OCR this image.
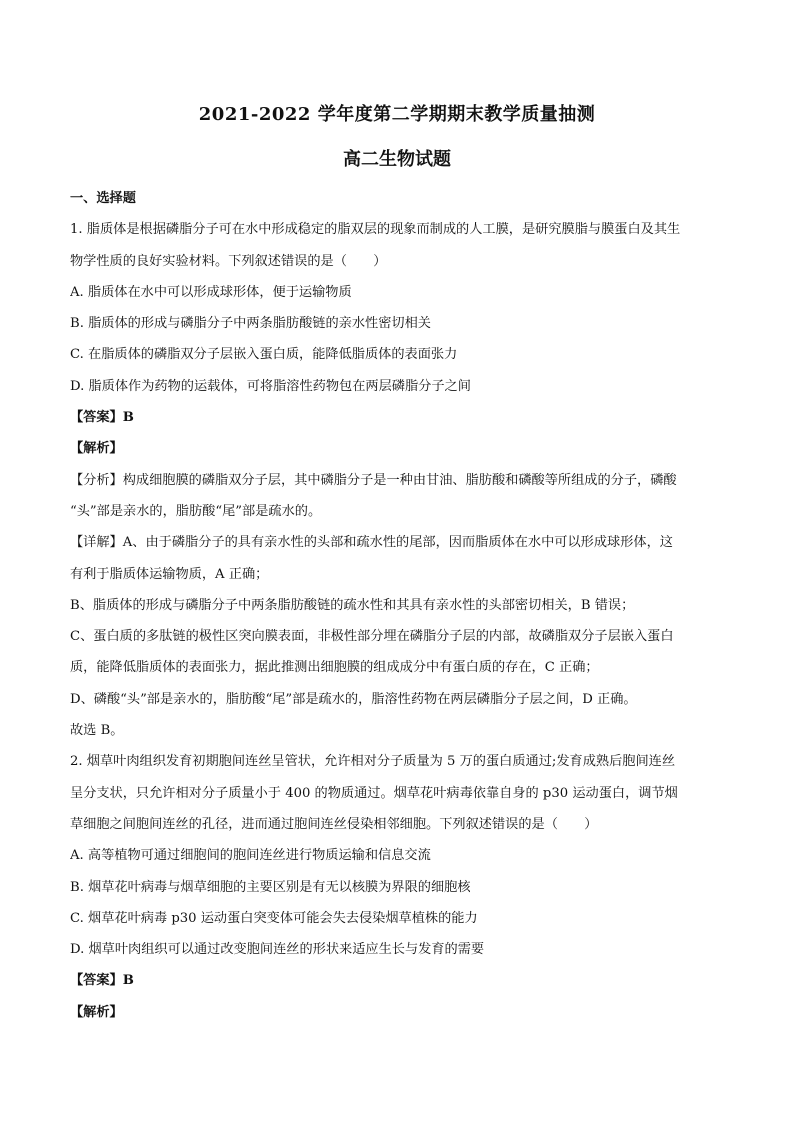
2021-2022 学年度第二学期期末教学质量抽测
高二生物试题
一、选择题
1. 脂质体是根据磷脂分子可在水中形成稳定的脂双层的现象而制成的人工膜，是研究膜脂与膜蛋白及其生
物学性质的良好实验材料。下列叙述错误的是（　　）
A. 脂质体在水中可以形成球形体，便于运输物质
B. 脂质体的形成与磷脂分子中两条脂肪酸链的亲水性密切相关
C. 在脂质体的磷脂双分子层嵌入蛋白质，能降低脂质体的表面张力
D. 脂质体作为药物的运载体，可将脂溶性药物包在两层磷脂分子之间
【答案】B
【解析】
【分析】构成细胞膜的磷脂双分子层，其中磷脂分子是一种由甘油、脂肪酸和磷酸等所组成的分子，磷酸
“头”部是亲水的，脂肪酸“尾”部是疏水的。
【详解】A、由于磷脂分子的具有亲水性的头部和疏水性的尾部，因而脂质体在水中可以形成球形体，这
有利于脂质体运输物质，A 正确；
B、脂质体的形成与磷脂分子中两条脂肪酸链的疏水性和其具有亲水性的头部密切相关，B 错误；
C、蛋白质的多肽链的极性区突向膜表面，非极性部分埋在磷脂分子层的内部，故磷脂双分子层嵌入蛋白
质，能降低脂质体的表面张力，据此推测出细胞膜的组成成分中有蛋白质的存在，C 正确；
D、磷酸“头”部是亲水的，脂肪酸“尾”部是疏水的，脂溶性药物在两层磷脂分子层之间，D 正确。
故选 B。
2. 烟草叶肉组织发育初期胞间连丝呈管状，允许相对分子质量为 5 万的蛋白质通过;发育成熟后胞间连丝
呈分支状，只允许相对分子质量小于 400 的物质通过。烟草花叶病毒依靠自身的 p30 运动蛋白，调节烟
草细胞之间胞间连丝的孔径，进而通过胞间连丝侵染相邻细胞。下列叙述错误的是（　　）
A. 高等植物可通过细胞间的胞间连丝进行物质运输和信息交流
B. 烟草花叶病毒与烟草细胞的主要区别是有无以核膜为界限的细胞核
C. 烟草花叶病毒 p30 运动蛋白突变体可能会失去侵染烟草植株的能力
D. 烟草叶肉组织可以通过改变胞间连丝的形状来适应生长与发育的需要
【答案】B
【解析】
